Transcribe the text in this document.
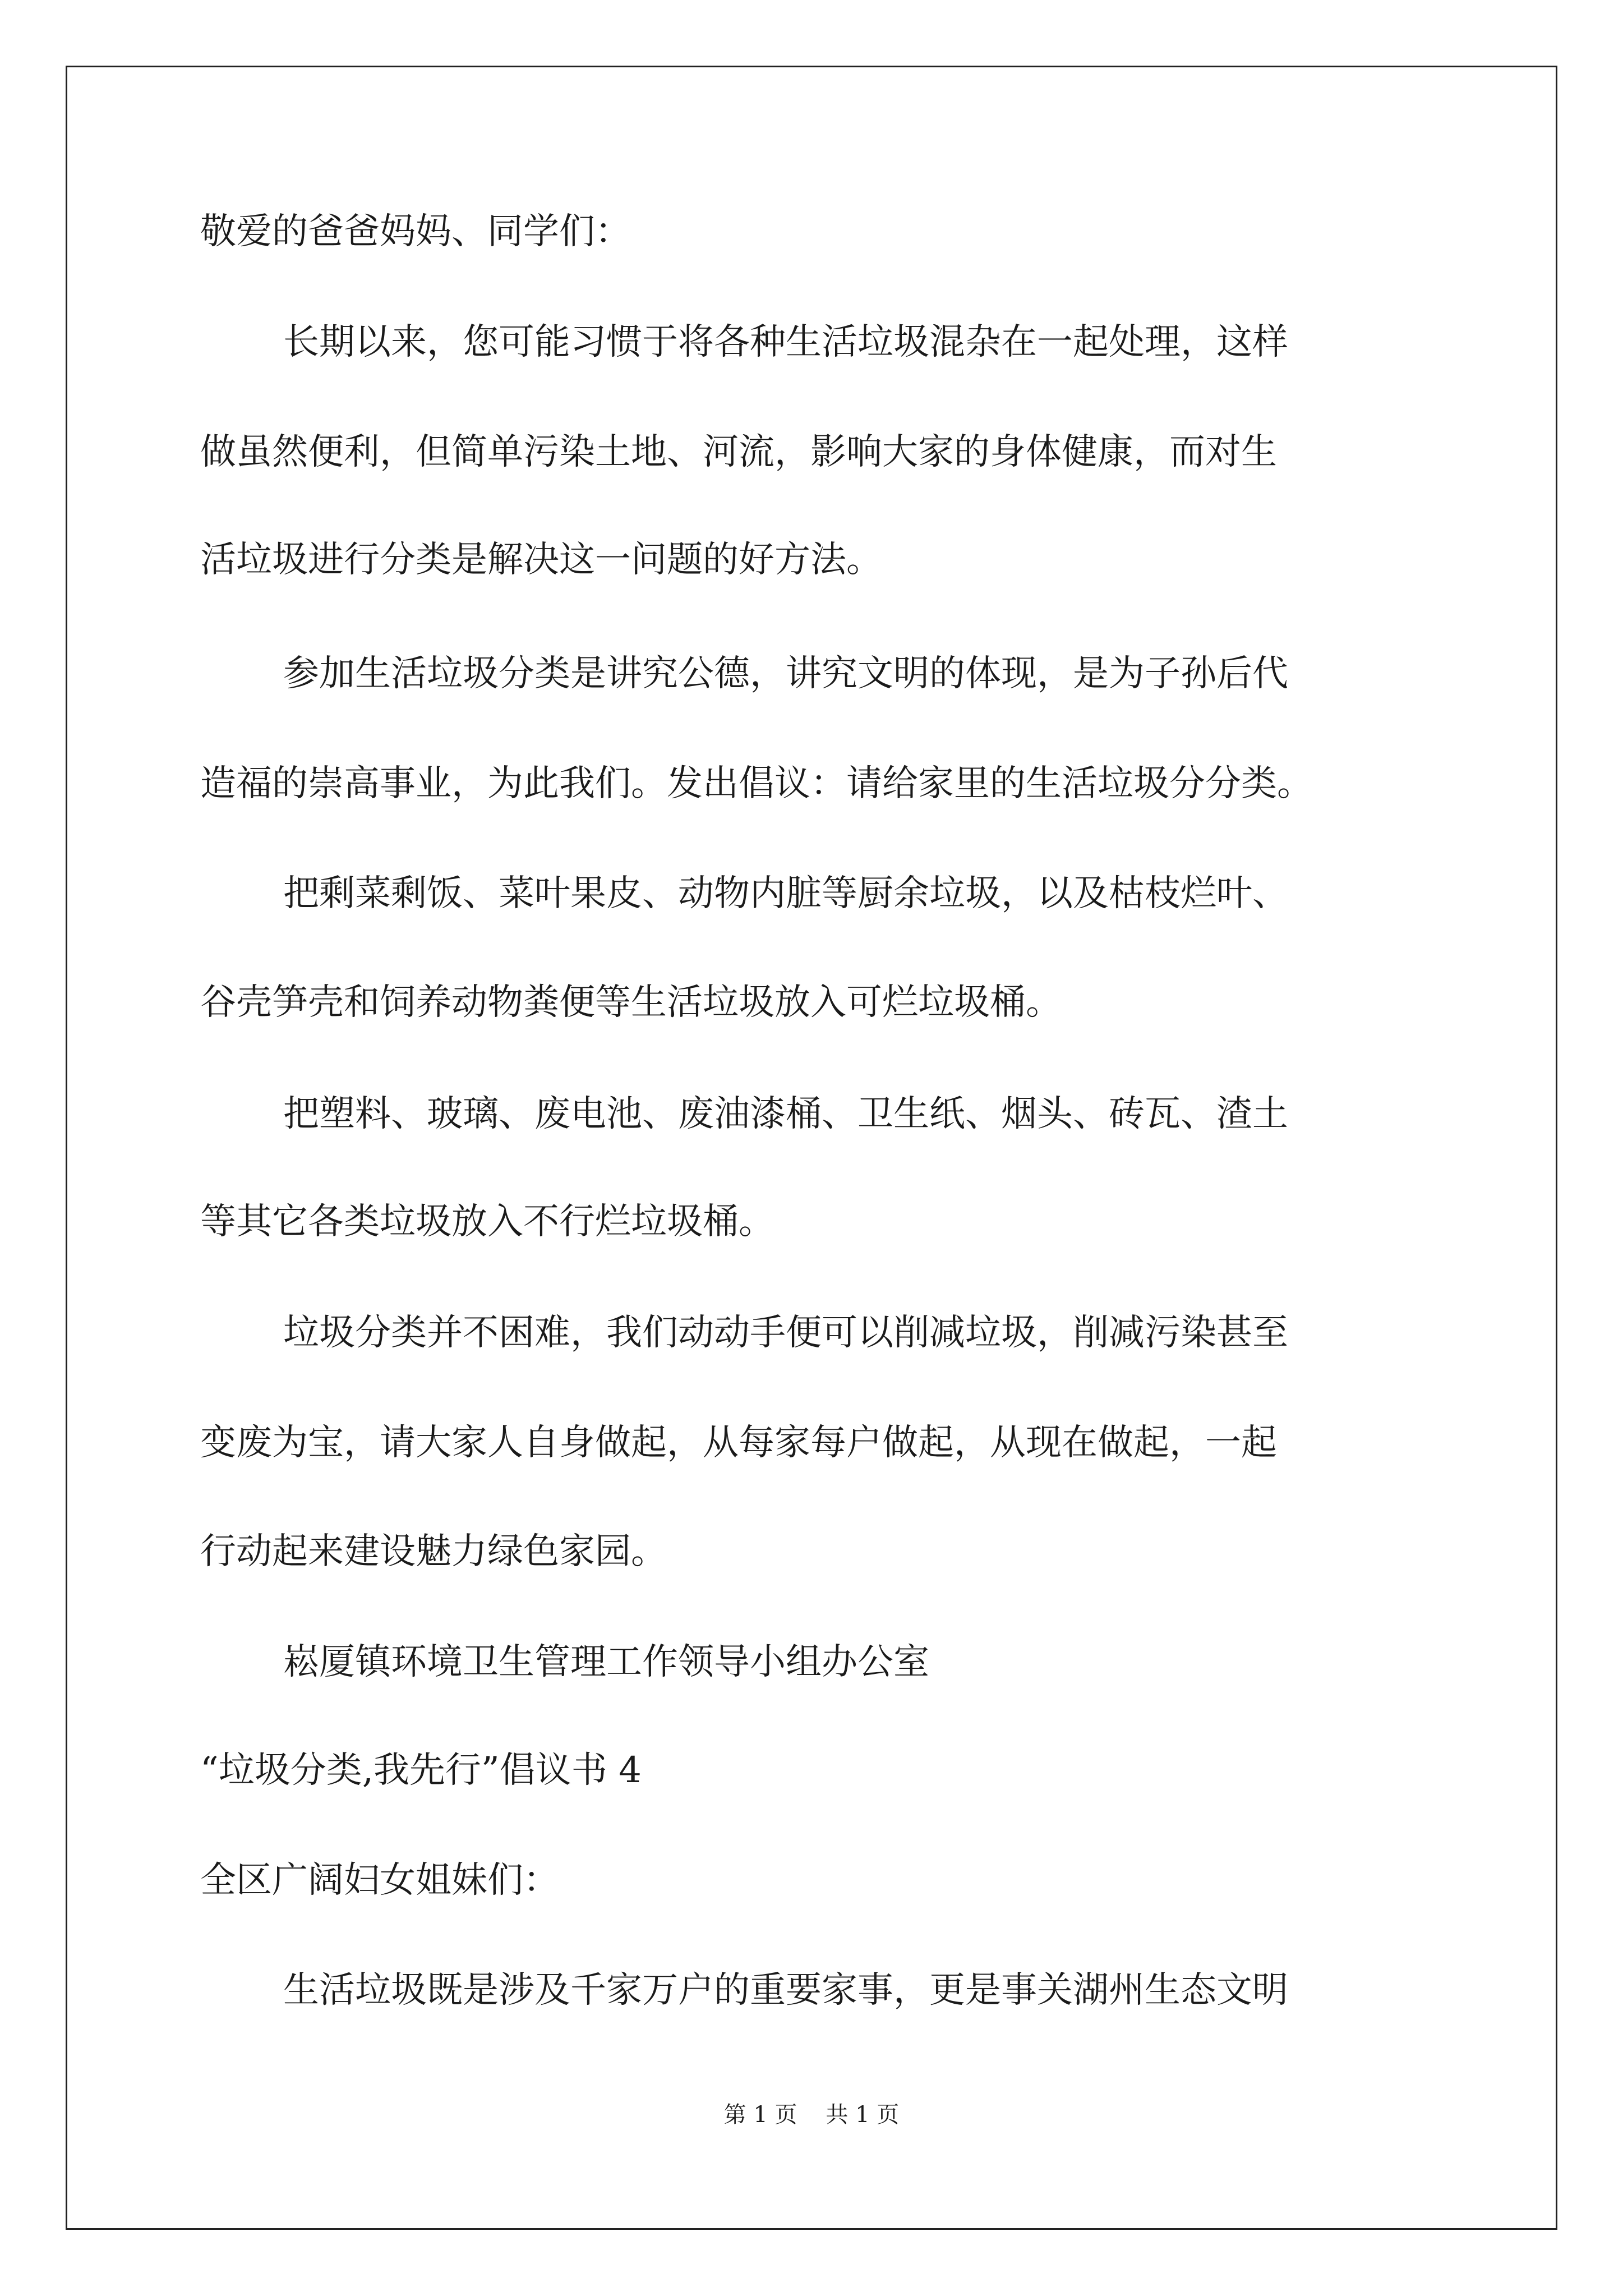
敬爱的爸爸妈妈、同学们：
长期以来，您可能习惯于将各种生活垃圾混杂在一起处理，这样
做虽然便利，但简单污染土地、河流，影响大家的身体健康，而对生
活垃圾进行分类是解决这一问题的好方法。
参加生活垃圾分类是讲究公德，讲究文明的体现，是为子孙后代
造福的崇高事业，为此我们。发出倡议：请给家里的生活垃圾分分类。
把剩菜剩饭、菜叶果皮、动物内脏等厨余垃圾，以及枯枝烂叶、
谷壳笋壳和饲养动物粪便等生活垃圾放入可烂垃圾桶。
把塑料、玻璃、废电池、废油漆桶、卫生纸、烟头、砖瓦、渣土
等其它各类垃圾放入不行烂垃圾桶。
垃圾分类并不困难，我们动动手便可以削减垃圾，削减污染甚至
变废为宝，请大家人自身做起，从每家每户做起，从现在做起，一起
行动起来建设魅力绿色家园。
崧厦镇环境卫生管理工作领导小组办公室
“垃圾分类,我先行”倡议书 4
全区广阔妇女姐妹们：
生活垃圾既是涉及千家万户的重要家事，更是事关湖州生态文明
第 1 页 共 1 页
